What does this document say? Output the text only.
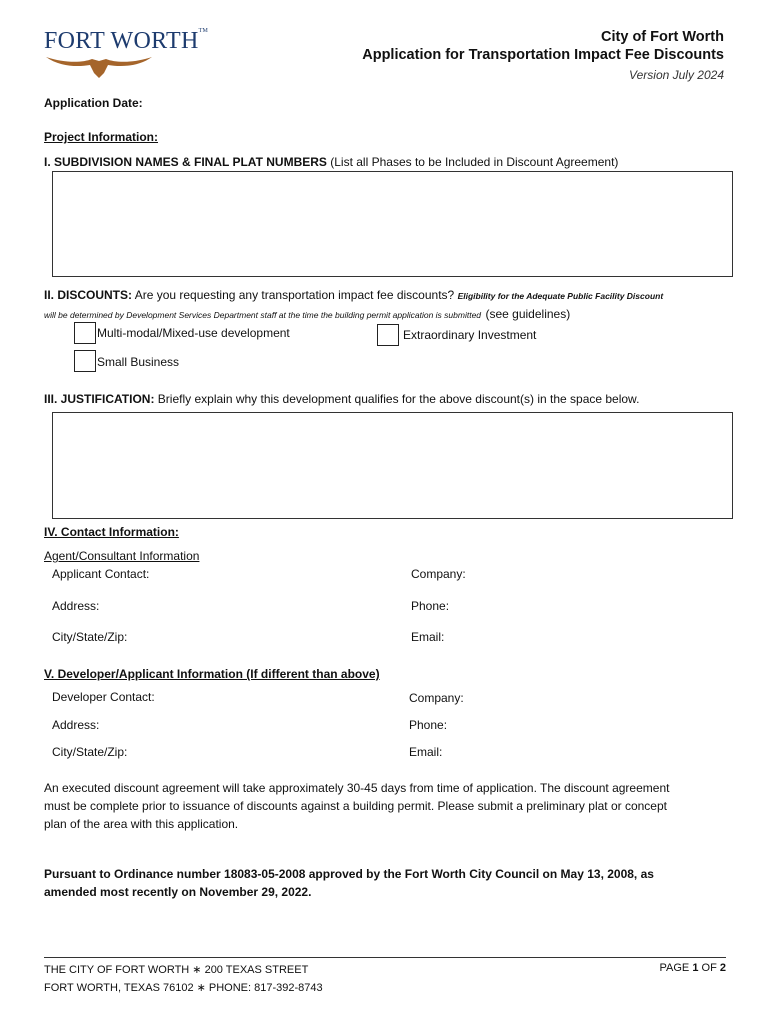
FORT WORTH™	City of Fort Worth
Application for Transportation Impact Fee Discounts
Version July 2024
Application Date:
Project Information:
I. SUBDIVISION NAMES & FINAL PLAT NUMBERS (List all Phases to be Included in Discount Agreement)
II. DISCOUNTS: Are you requesting any transportation impact fee discounts? Eligibility for the Adequate Public Facility Discount
will be determined by Development Services Department staff at the time the building permit application is submitted (see guidelines)
Multi-modal/Mixed-use development	Extraordinary Investment
Small Business
III. JUSTIFICATION: Briefly explain why this development qualifies for the above discount(s) in the space below.
IV. Contact Information:
Agent/Consultant Information
Applicant Contact:	Company:
Address:	Phone:
City/State/Zip:	Email:
V. Developer/Applicant Information (If different than above)
Developer Contact:	Company:
Address:	Phone:
City/State/Zip:	Email:
An executed discount agreement will take approximately 30-45 days from time of application. The discount agreement
must be complete prior to issuance of discounts against a building permit. Please submit a preliminary plat or concept
plan of the area with this application.
Pursuant to Ordinance number 18083-05-2008 approved by the Fort Worth City Council on May 13, 2008, as
amended most recently on November 29, 2022.
THE CITY OF FORT WORTH ∗ 200 TEXAS STREET
FORT WORTH, TEXAS 76102 ∗ PHONE: 817-392-8743
PAGE 1 OF 2
